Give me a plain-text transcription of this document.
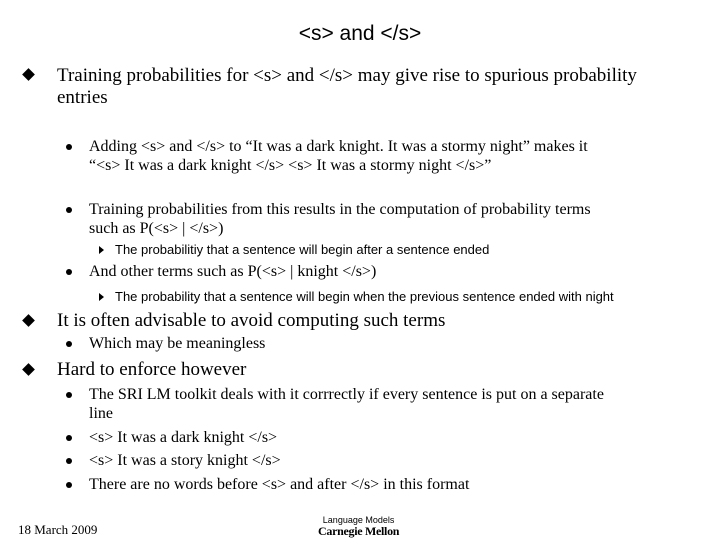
<s> and </s>
Training probabilities for <s> and </s> may give rise to spurious probability
entries
Adding <s> and </s> to “It was a dark knight. It was a stormy night” makes it
“<s> It was a dark knight </s> <s> It was a stormy night </s>”
Training probabilities from this results in the computation of probability terms
such as P(<s> | </s>)
The probabilitiy that a sentence will begin after a sentence ended
And other terms such as P(<s> | knight </s>)
The probability that a sentence will begin when the previous sentence ended with night
It is often advisable to avoid computing such terms
Which may be meaningless
Hard to enforce however
The SRI LM toolkit deals with it corrrectly if every sentence is put on a separate
line
<s> It was a dark knight </s>
<s> It was a story knight </s>
There are no words before <s> and after </s> in this format
18 March 2009
Language Models
Carnegie Mellon
